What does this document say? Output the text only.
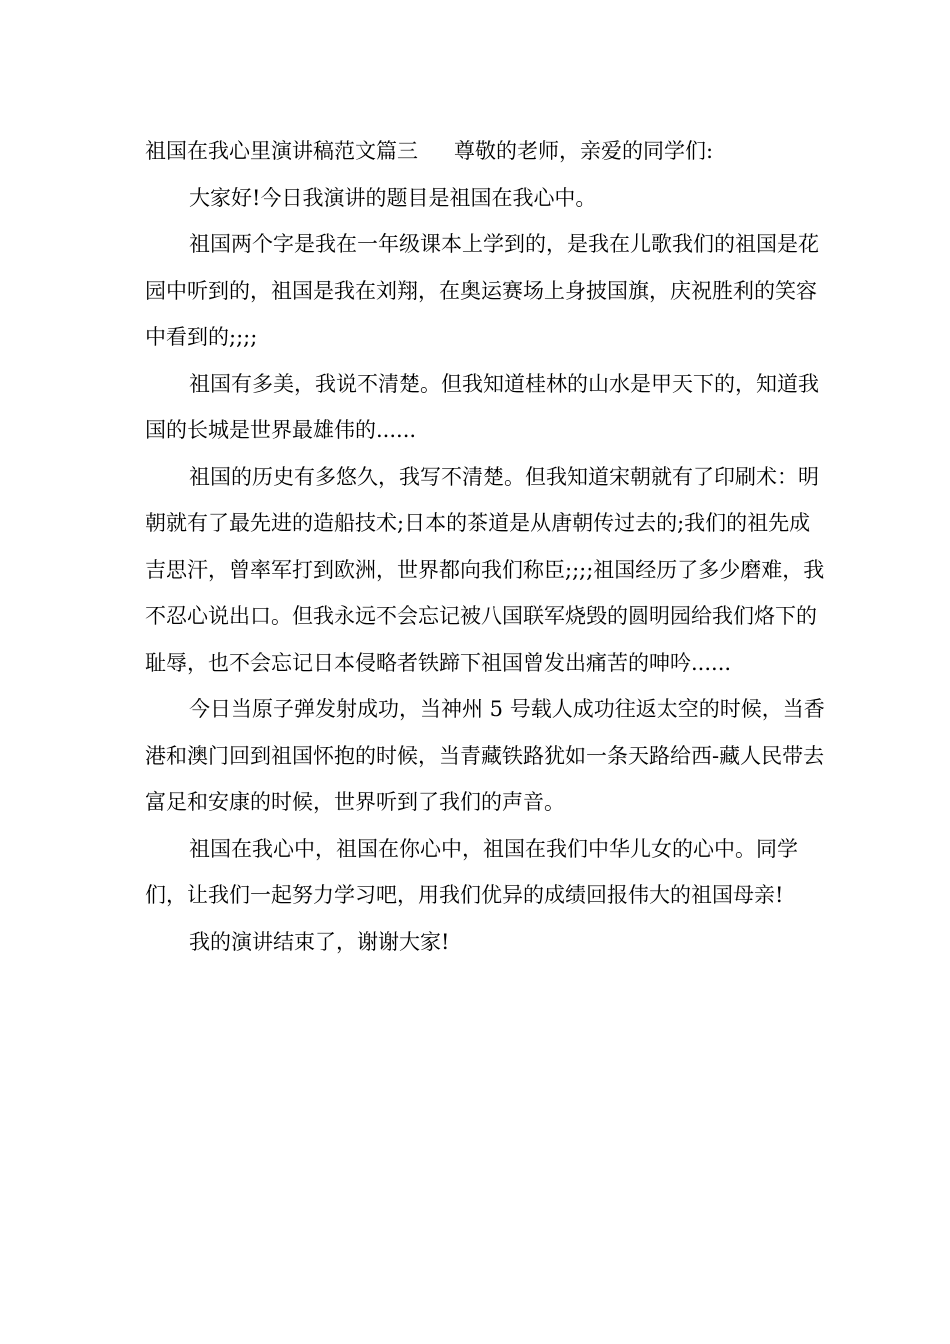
祖国在我心里演讲稿范文篇三 尊敬的老师，亲爱的同学们:

大家好!今日我演讲的题目是祖国在我心中。

祖国两个字是我在一年级课本上学到的，是我在儿歌我们的祖国是花园中听到的，祖国是我在刘翔，在奥运赛场上身披国旗，庆祝胜利的笑容中看到的;;;;

祖国有多美，我说不清楚。但我知道桂林的山水是甲天下的，知道我国的长城是世界最雄伟的......

祖国的历史有多悠久，我写不清楚。但我知道宋朝就有了印刷术：明朝就有了最先进的造船技术;日本的茶道是从唐朝传过去的;我们的祖先成吉思汗，曾率军打到欧洲，世界都向我们称臣;;;;祖国经历了多少磨难，我不忍心说出口。但我永远不会忘记被八国联军烧毁的圆明园给我们烙下的耻辱，也不会忘记日本侵略者铁蹄下祖国曾发出痛苦的呻吟......

今日当原子弹发射成功，当神州 5 号载人成功往返太空的时候，当香港和澳门回到祖国怀抱的时候，当青藏铁路犹如一条天路给西-藏人民带去富足和安康的时候，世界听到了我们的声音。

祖国在我心中，祖国在你心中，祖国在我们中华儿女的心中。同学们，让我们一起努力学习吧，用我们优异的成绩回报伟大的祖国母亲!

我的演讲结束了，谢谢大家!
